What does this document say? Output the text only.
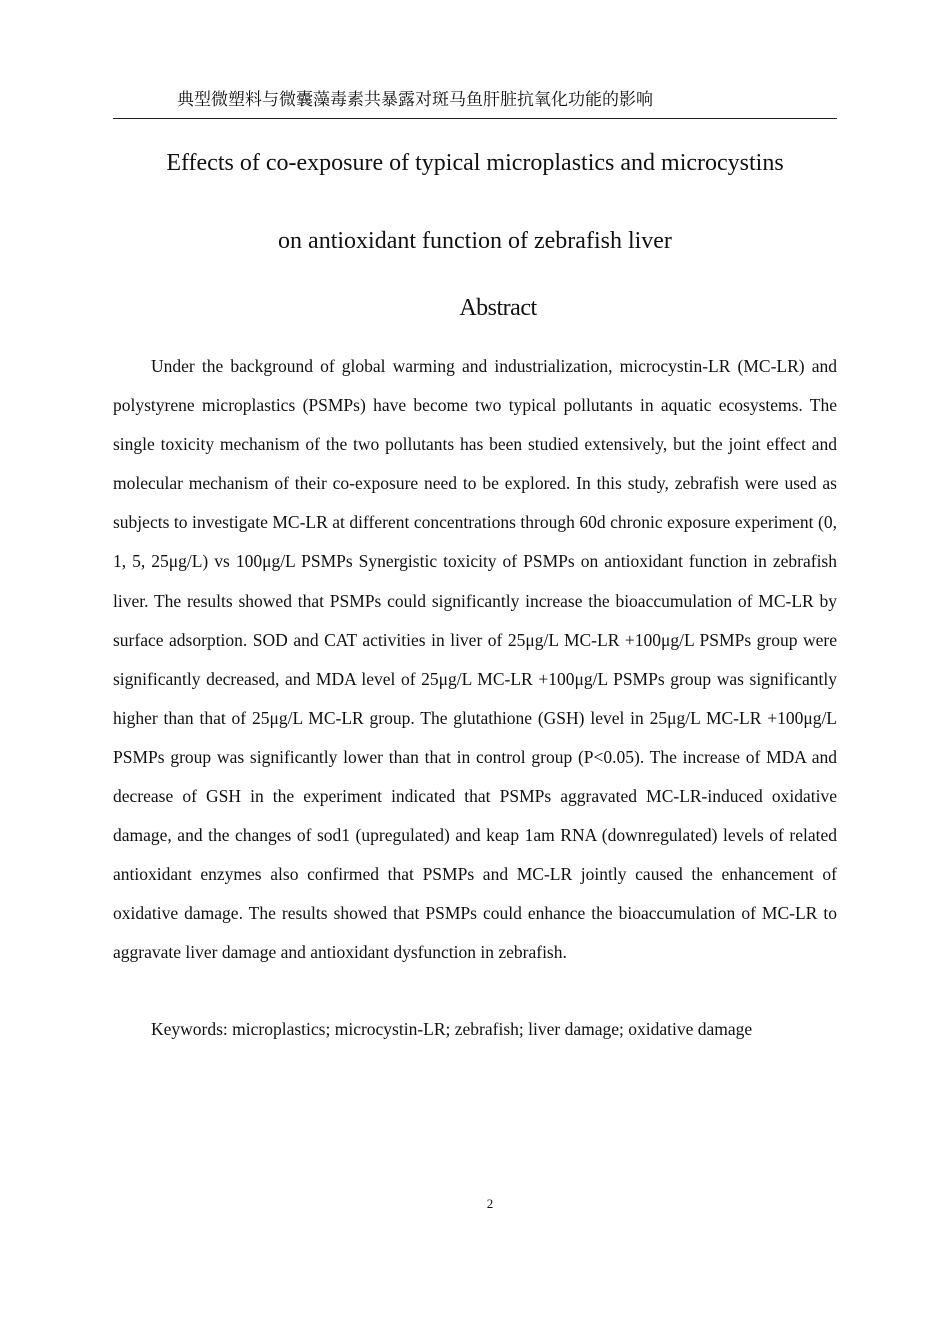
典型微塑料与微囊藻毒素共暴露对斑马鱼肝脏抗氧化功能的影响
Effects of co-exposure of typical microplastics and microcystins
on antioxidant function of zebrafish liver
Abstract

Under the background of global warming and industrialization, microcystin-LR (MC-LR) and polystyrene microplastics (PSMPs) have become two typical pollutants in aquatic ecosystems. The single toxicity mechanism of the two pollutants has been studied extensively, but the joint effect and molecular mechanism of their co-exposure need to be explored. In this study, zebrafish were used as subjects to investigate MC-LR at different concentrations through 60d chronic exposure experiment (0, 1, 5, 25μg/L) vs 100μg/L PSMPs Synergistic toxicity of PSMPs on antioxidant function in zebrafish liver. The results showed that PSMPs could significantly increase the bioaccumulation of MC-LR by surface adsorption. SOD and CAT activities in liver of 25μg/L MC-LR +100μg/L PSMPs group were significantly decreased, and MDA level of 25μg/L MC-LR +100μg/L PSMPs group was significantly higher than that of 25μg/L MC-LR group. The glutathione (GSH) level in 25μg/L MC-LR +100μg/L PSMPs group was significantly lower than that in control group (P<0.05). The increase of MDA and decrease of GSH in the experiment indicated that PSMPs aggravated MC-LR-induced oxidative damage, and the changes of sod1 (upregulated) and keap 1am RNA (downregulated) levels of related antioxidant enzymes also confirmed that PSMPs and MC-LR jointly caused the enhancement of oxidative damage. The results showed that PSMPs could enhance the bioaccumulation of MC-LR to aggravate liver damage and antioxidant dysfunction in zebrafish.

Keywords: microplastics; microcystin-LR; zebrafish; liver damage; oxidative damage

2
